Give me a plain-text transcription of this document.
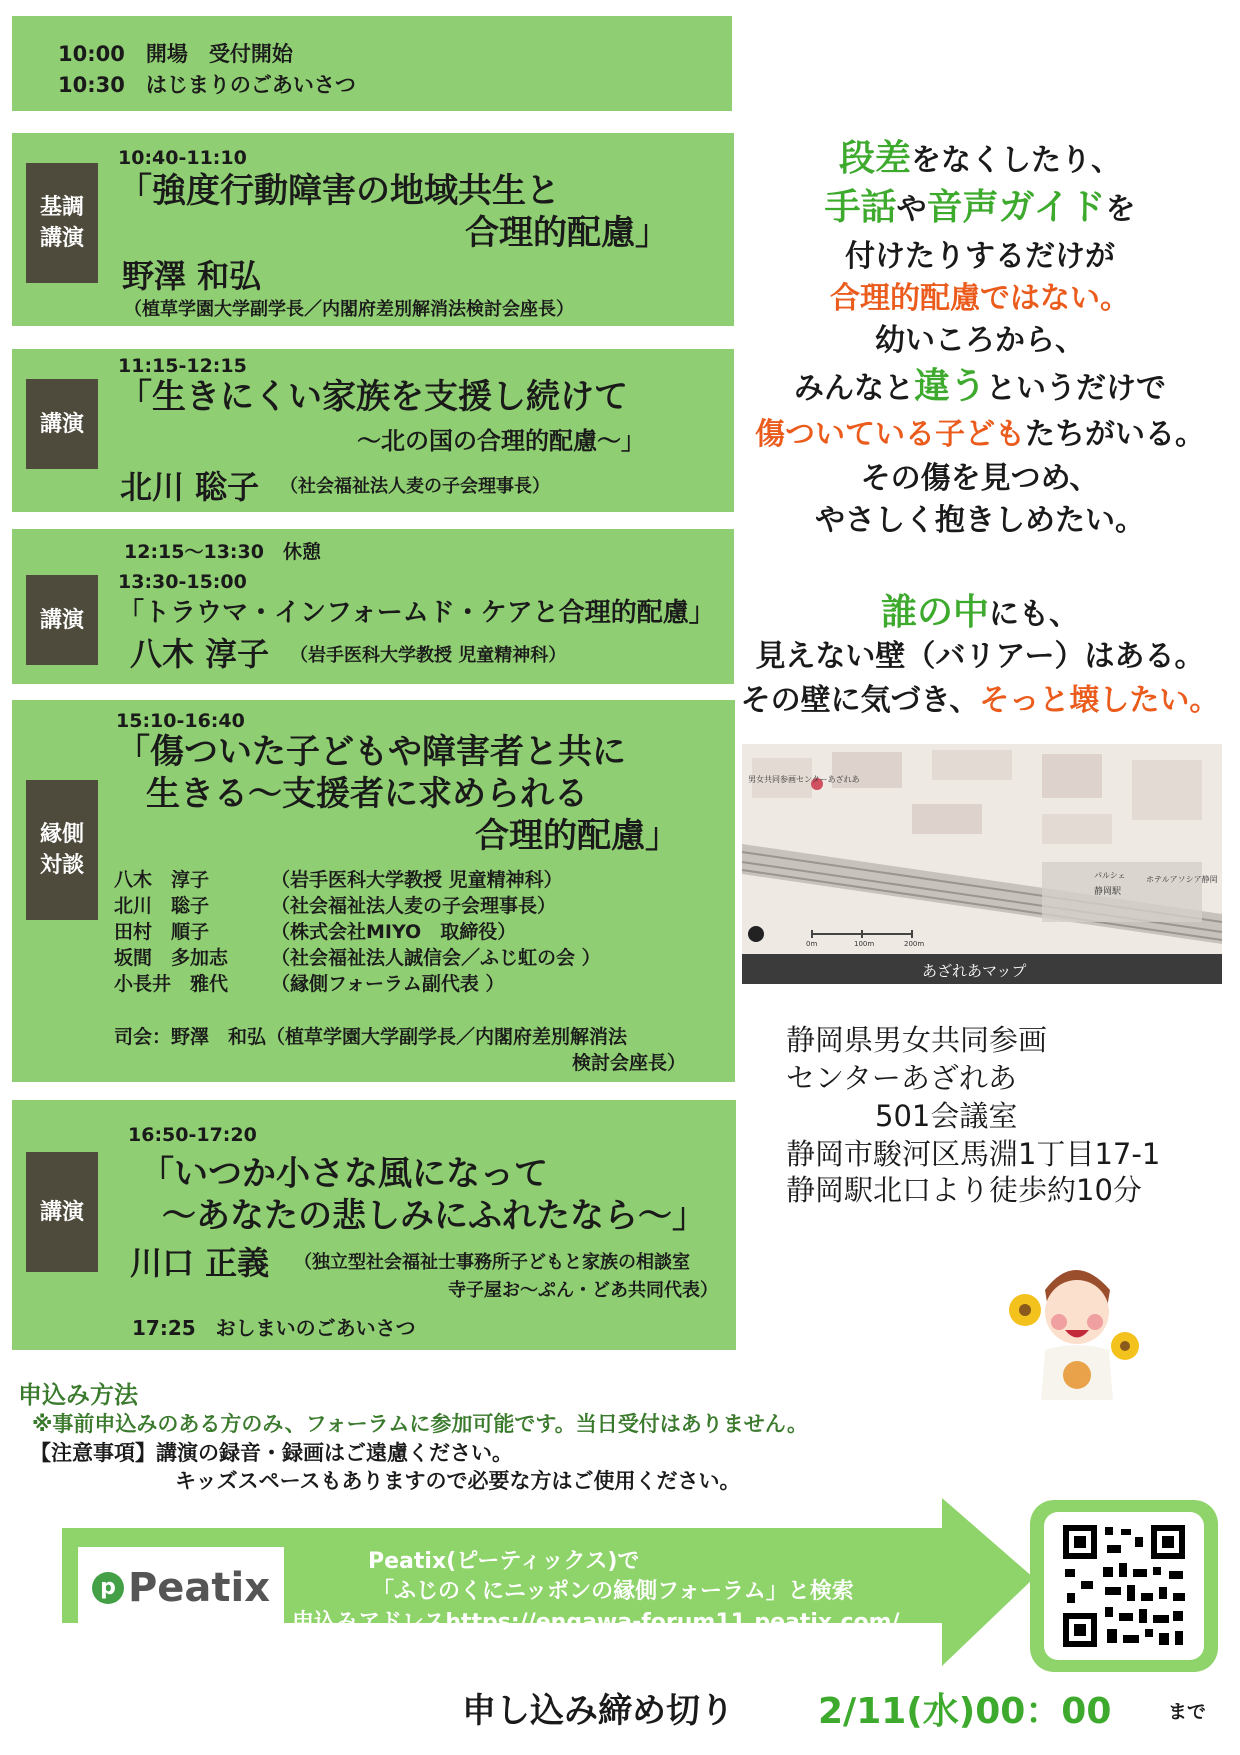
10:00　開場　受付開始
10:30　はじまりのごあいさつ
基調
講演
10:40-11:10
「強度行動障害の地域共生と
合理的配慮」
野澤 和弘
（植草学園大学副学長／内閣府差別解消法検討会座長）
講演
11:15-12:15
「生きにくい家族を支援し続けて
～北の国の合理的配慮～」
北川 聡子 （社会福祉法人麦の子会理事長）
12:15～13:30　休憩
講演
13:30-15:00
「トラウマ・インフォームド・ケアと合理的配慮」
八木 淳子 （岩手医科大学教授 児童精神科）
縁側
対談
15:10-16:40
「傷ついた子どもや障害者と共に
生きる～支援者に求められる
合理的配慮」
八木　淳子	（岩手医科大学教授 児童精神科）
北川　聡子	（社会福祉法人麦の子会理事長）
田村　順子	（株式会社MIYO　取締役）
坂間　多加志 （社会福祉法人誠信会／ふじ虹の会 ）
小長井　雅代 （縁側フォーラム副代表 ）
司会：野澤　和弘（植草学園大学副学長／内閣府差別解消法
検討会座長）
講演
16:50-17:20
「いつか小さな風になって
～あなたの悲しみにふれたなら～」
川口 正義 （独立型社会福祉士事務所子どもと家族の相談室
寺子屋お～ぷん・どあ共同代表）
17:25　おしまいのごあいさつ
段差をなくしたり、
手話や音声ガイドを
付けたりするだけが
合理的配慮ではない。
幼いころから、
みんなと違うというだけで
傷ついている子どもたちがいる。
その傷を見つめ、
やさしく抱きしめたい。
誰の中にも、
見えない壁（バリアー）はある。
その壁に気づき、そっと壊したい。
男女共同参画センターあざれあ
静岡駅
パルシェ	ホテルアソシア静岡
0m	100m	200m
あざれあマップ
静岡県男女共同参画
センターあざれあ
501会議室
静岡市駿河区馬淵1丁目17-1
静岡駅北口より徒歩約10分
申込み方法
※事前申込みのある方のみ、フォーラムに参加可能です。当日受付はありません。
【注意事項】講演の録音・録画はご遠慮ください。
キッズスペースもありますので必要な方はご使用ください。
p Peatix
Peatix(ピーティックス)で
「ふじのくにニッポンの縁側フォーラム」と検索
申込みアドレスhttps://engawa-forum11.peatix.com/
申し込み締め切り 2/11(水)00：00	まで
